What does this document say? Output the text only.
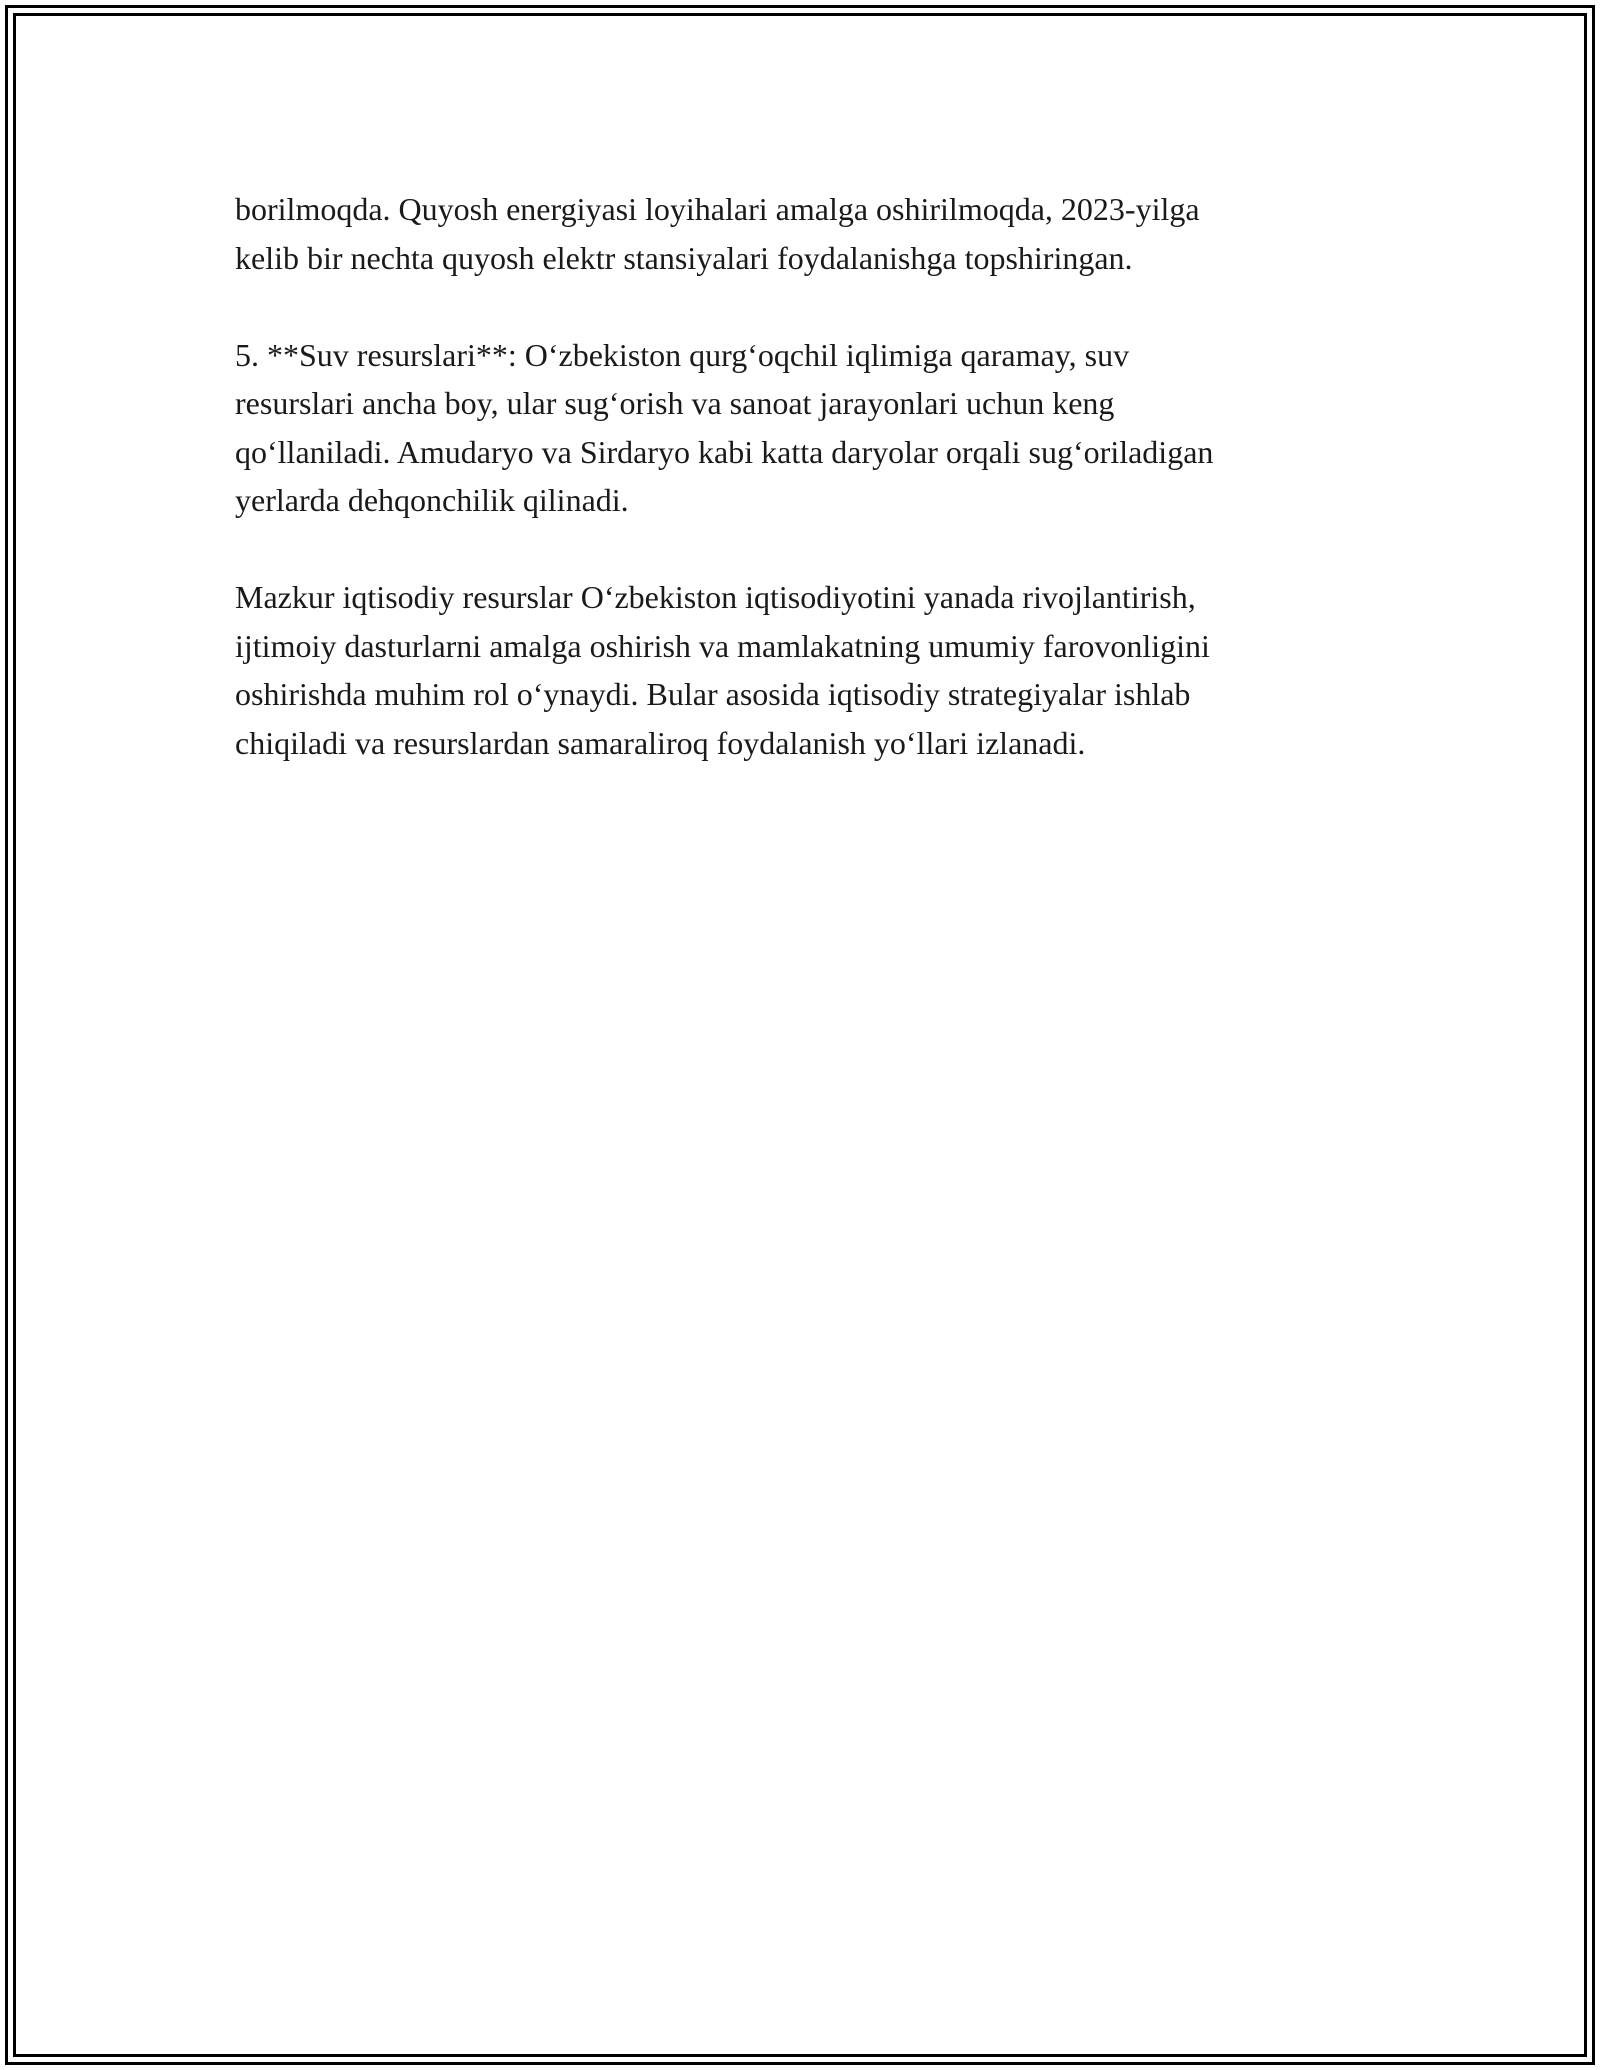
borilmoqda. Quyosh energiyasi loyihalari amalga oshirilmoqda, 2023-yilga
kelib bir nechta quyosh elektr stansiyalari foydalanishga topshiringan.

5. **Suv resurslari**: O‘zbekiston qurg‘oqchil iqlimiga qaramay, suv
resurslari ancha boy, ular sug‘orish va sanoat jarayonlari uchun keng
qo‘llaniladi. Amudaryo va Sirdaryo kabi katta daryolar orqali sug‘oriladigan
yerlarda dehqonchilik qilinadi.

Mazkur iqtisodiy resurslar O‘zbekiston iqtisodiyotini yanada rivojlantirish,
ijtimoiy dasturlarni amalga oshirish va mamlakatning umumiy farovonligini
oshirishda muhim rol o‘ynaydi. Bular asosida iqtisodiy strategiyalar ishlab
chiqiladi va resurslardan samaraliroq foydalanish yo‘llari izlanadi.
